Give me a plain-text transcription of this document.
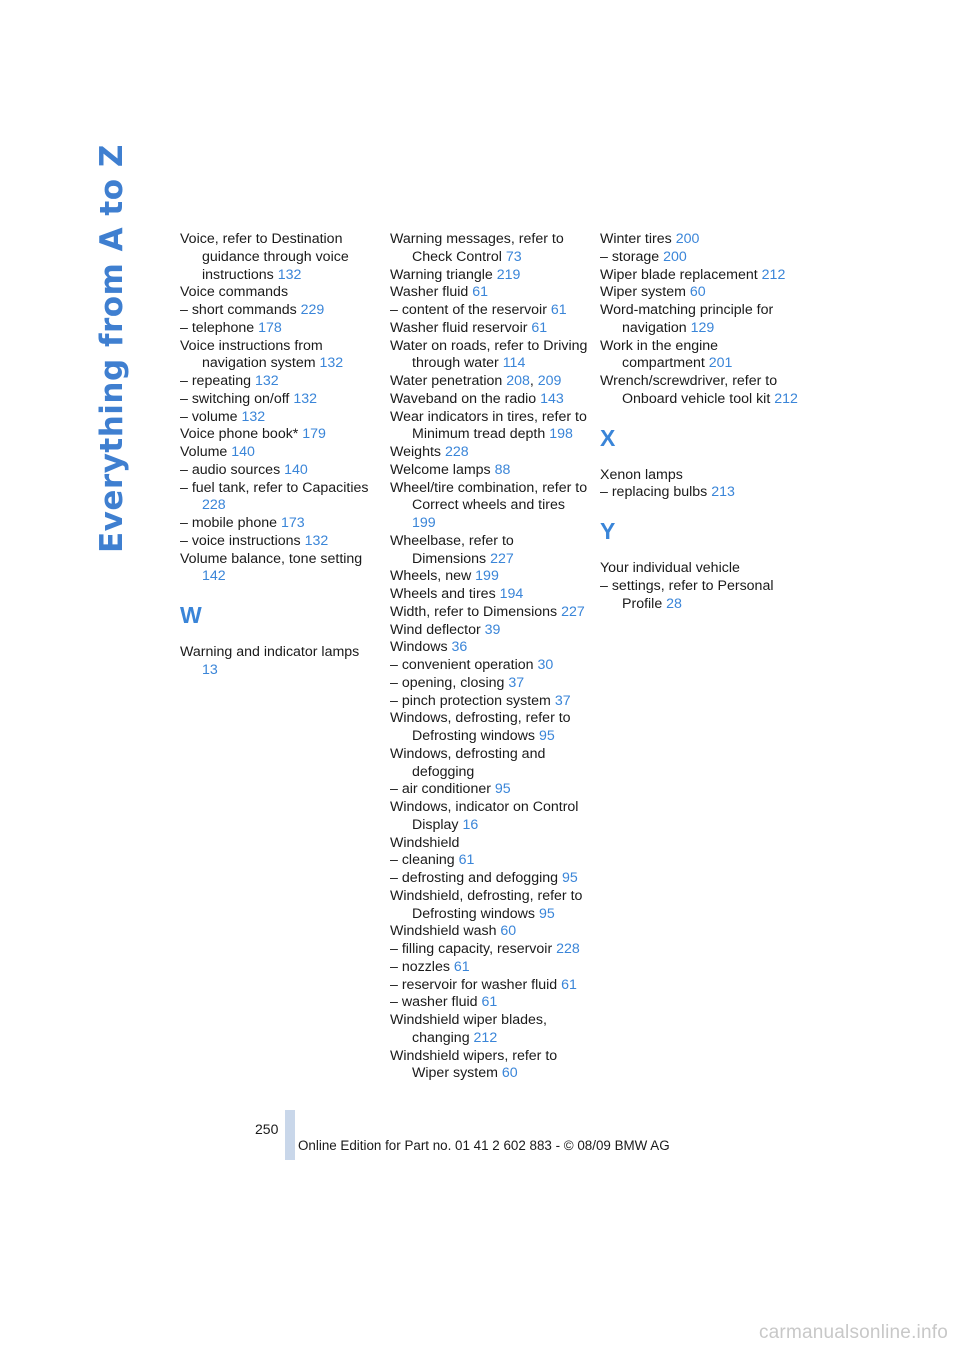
Everything from A to Z	Voice, refer to Destination guidance through voice instructions 132
Voice commands
– short commands 229
– telephone 178
Voice instructions from navigation system 132
– repeating 132
– switching on/off 132
– volume 132
Voice phone book* 179
Volume 140
– audio sources 140
– fuel tank, refer to Capacities 228
– mobile phone 173
– voice instructions 132
Volume balance, tone setting 142
W
Warning and indicator lamps 13
Warning messages, refer to Check Control 73
Warning triangle 219
Washer fluid 61
– content of the reservoir 61
Washer fluid reservoir 61
Water on roads, refer to Driving through water 114
Water penetration 208, 209
Waveband on the radio 143
Wear indicators in tires, refer to Minimum tread depth 198
Weights 228
Welcome lamps 88
Wheel/tire combination, refer to Correct wheels and tires 199
Wheelbase, refer to Dimensions 227
Wheels, new 199
Wheels and tires 194
Width, refer to Dimensions 227
Wind deflector 39
Windows 36
– convenient operation 30
– opening, closing 37
– pinch protection system 37
Windows, defrosting, refer to Defrosting windows 95
Windows, defrosting and defogging
– air conditioner 95
Windows, indicator on Control Display 16
Windshield
– cleaning 61
– defrosting and defogging 95
Windshield, defrosting, refer to Defrosting windows 95
Windshield wash 60
– filling capacity, reservoir 228
– nozzles 61
– reservoir for washer fluid 61
– washer fluid 61
Windshield wiper blades, changing 212
Windshield wipers, refer to Wiper system 60
Winter tires 200
– storage 200
Wiper blade replacement 212
Wiper system 60
Word-matching principle for navigation 129
Work in the engine compartment 201
Wrench/screwdriver, refer to Onboard vehicle tool kit 212
X
Xenon lamps
– replacing bulbs 213
Y
Your individual vehicle
– settings, refer to Personal Profile 28
250
Online Edition for Part no. 01 41 2 602 883 - © 08/09 BMW AG
carmanualsonline.info
